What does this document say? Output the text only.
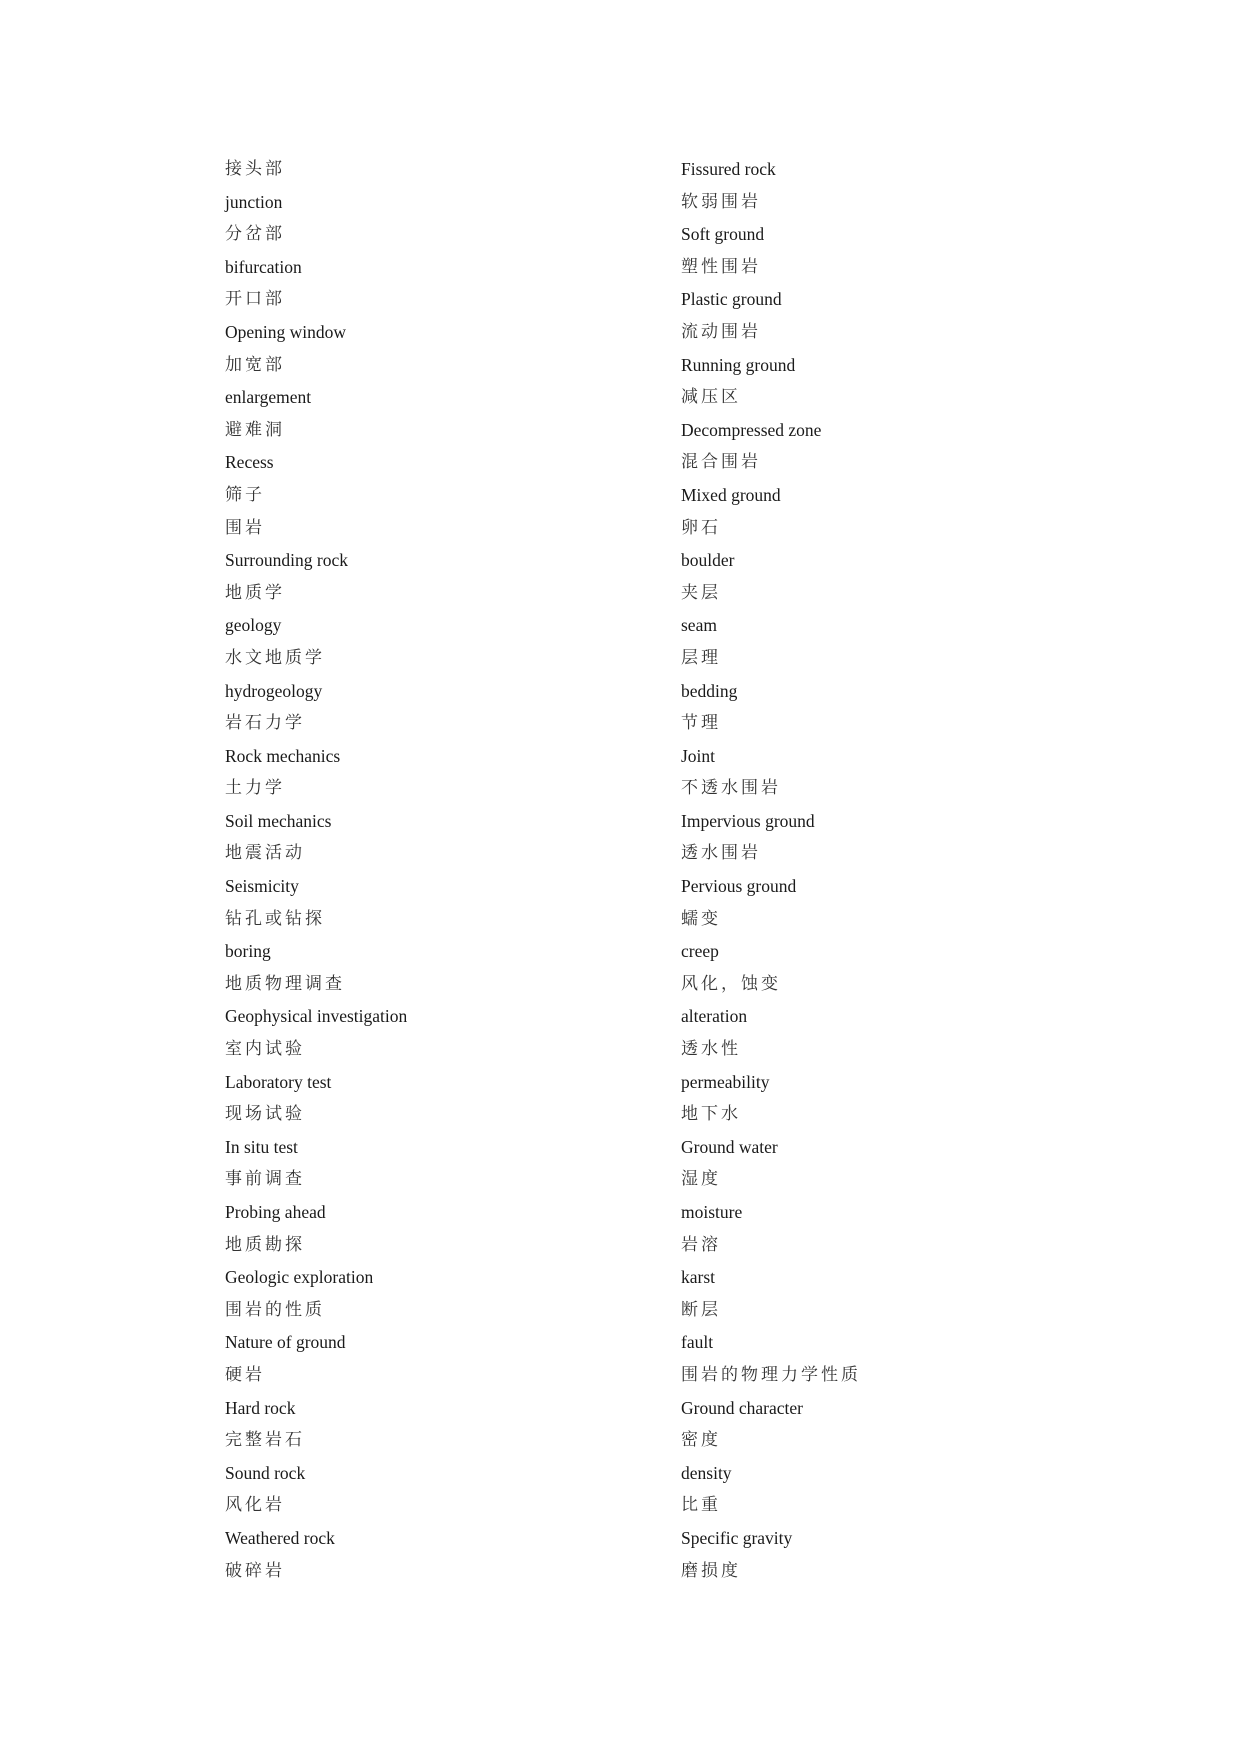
接头部
junction
分岔部
bifurcation
开口部
Opening window
加宽部
enlargement
避难洞
Recess
筛子
围岩
Surrounding rock
地质学
geology
水文地质学
hydrogeology
岩石力学
Rock mechanics
土力学
Soil mechanics
地震活动
Seismicity
钻孔或钻探
boring
地质物理调查
Geophysical investigation
室内试验
Laboratory test
现场试验
In situ test
事前调查
Probing ahead
地质勘探
Geologic exploration
围岩的性质
Nature of ground
硬岩
Hard rock
完整岩石
Sound rock
风化岩
Weathered rock
破碎岩
Fissured rock
软弱围岩
Soft ground
塑性围岩
Plastic ground
流动围岩
Running ground
减压区
Decompressed zone
混合围岩
Mixed ground
卵石
boulder
夹层
seam
层理
bedding
节理
Joint
不透水围岩
Impervious ground
透水围岩
Pervious ground
蠕变
creep
风化，蚀变
alteration
透水性
permeability
地下水
Ground water
湿度
moisture
岩溶
karst
断层
fault
围岩的物理力学性质
Ground character
密度
density
比重
Specific gravity
磨损度
